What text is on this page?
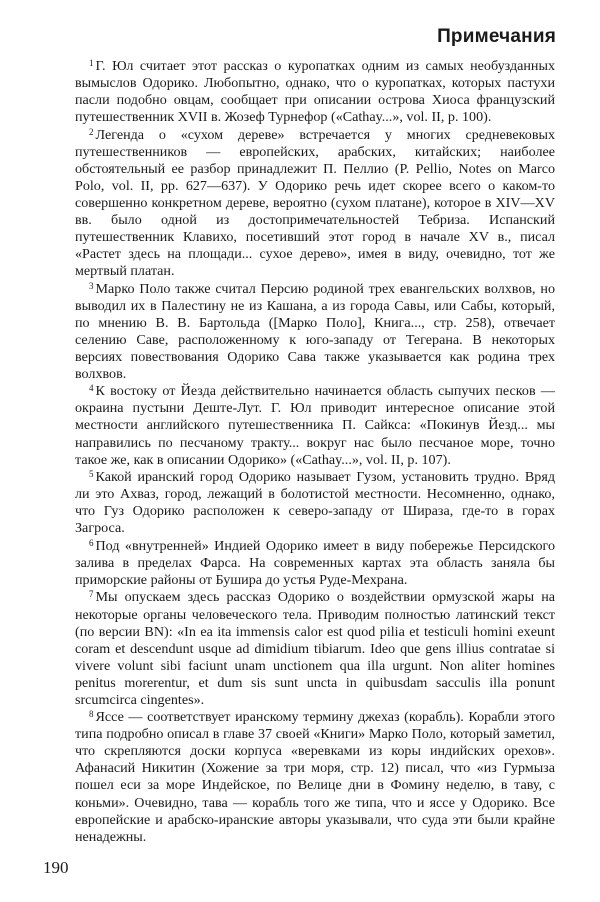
Примечания

$^1$ Г. Юл считает этот рассказ о куропатках одним из самых необузданных вымыслов Одорико. Любопытно, однако, что о куропатках, которых пастухи пасли подобно овцам, сообщает при описании острова Хиоса французский путешественник XVII в. Жозеф Турнефор («Cathay...», vol. II, p. 100).

$^2$ Легенда о «сухом дереве» встречается у многих средневековых путешественников — европейских, арабских, китайских; наиболее обстоятельный ее разбор принадлежит П. Пеллио (P. Pellio, Notes on Marco Polo, vol. II, pp. 627—637). У Одорико речь идет скорее всего о каком-то совершенно конкретном дереве, вероятно (сухом платане), которое в XIV—XV вв. было одной из достопримечательностей Тебриза. Испанский путешественник Клавихо, посетивший этот город в начале XV в., писал «Растет здесь на площади... сухое дерево», имея в виду, очевидно, тот же мертвый платан.

$^3$ Марко Поло также считал Персию родиной трех евангельских волхвов, но выводил их в Палестину не из Кашана, а из города Савы, или Сабы, который, по мнению В. В. Бартольда ([Марко Поло], Книга..., стр. 258), отвечает селению Саве, расположенному к юго-западу от Тегерана. В некоторых версиях повествования Одорико Сава также указывается как родина трех волхвов.

$^4$ К востоку от Йезда действительно начинается область сыпучих песков — окраина пустыни Деште-Лут. Г. Юл приводит интересное описание этой местности английского путешественника П. Сайкса: «Покинув Йезд... мы направились по песчаному тракту... вокруг нас было песчаное море, точно такое же, как в описании Одорико» («Cathay...», vol. II, p. 107).

$^5$ Какой иранский город Одорико называет Гузом, установить трудно. Вряд ли это Ахваз, город, лежащий в болотистой местности. Несомненно, однако, что Гуз Одорико расположен к северо-западу от Шираза, где-то в горах Загроса.

$^6$ Под «внутренней» Индией Одорико имеет в виду побережье Персидского залива в пределах Фарса. На современных картах эта область заняла бы приморские районы от Бушира до устья Руде-Мехрана.

$^7$ Мы опускаем здесь рассказ Одорико о воздействии ормузской жары на некоторые органы человеческого тела. Приводим полностью латинский текст (по версии BN): «In ea ita immensis calor est quod pilia et testiculi homini exeunt coram et descendunt usque ad dimidium tibiarum. Ideo que gens illius contratae si vivere volunt sibi faciunt unam unctionem qua illa urgunt. Non aliter homines penitus morerentur, et dum sis sunt uncta in quibusdam sacculis illa ponunt srcumcirca cingentes».

$^8$ Яссе — соответствует иранскому термину джехаз (корабль). Корабли этого типа подробно описал в главе 37 своей «Книги» Марко Поло, который заметил, что скрепляются доски корпуса «веревками из коры индийских орехов». Афанасий Никитин (Хожение за три моря, стр. 12) писал, что «из Гурмыза пошел еси за море Индейское, по Велице дни в Фомину неделю, в таву, с коньми». Очевидно, тава — корабль того же типа, что и яссе у Одорико. Все европейские и арабско-иранские авторы указывали, что суда эти были крайне ненадежны.

190
